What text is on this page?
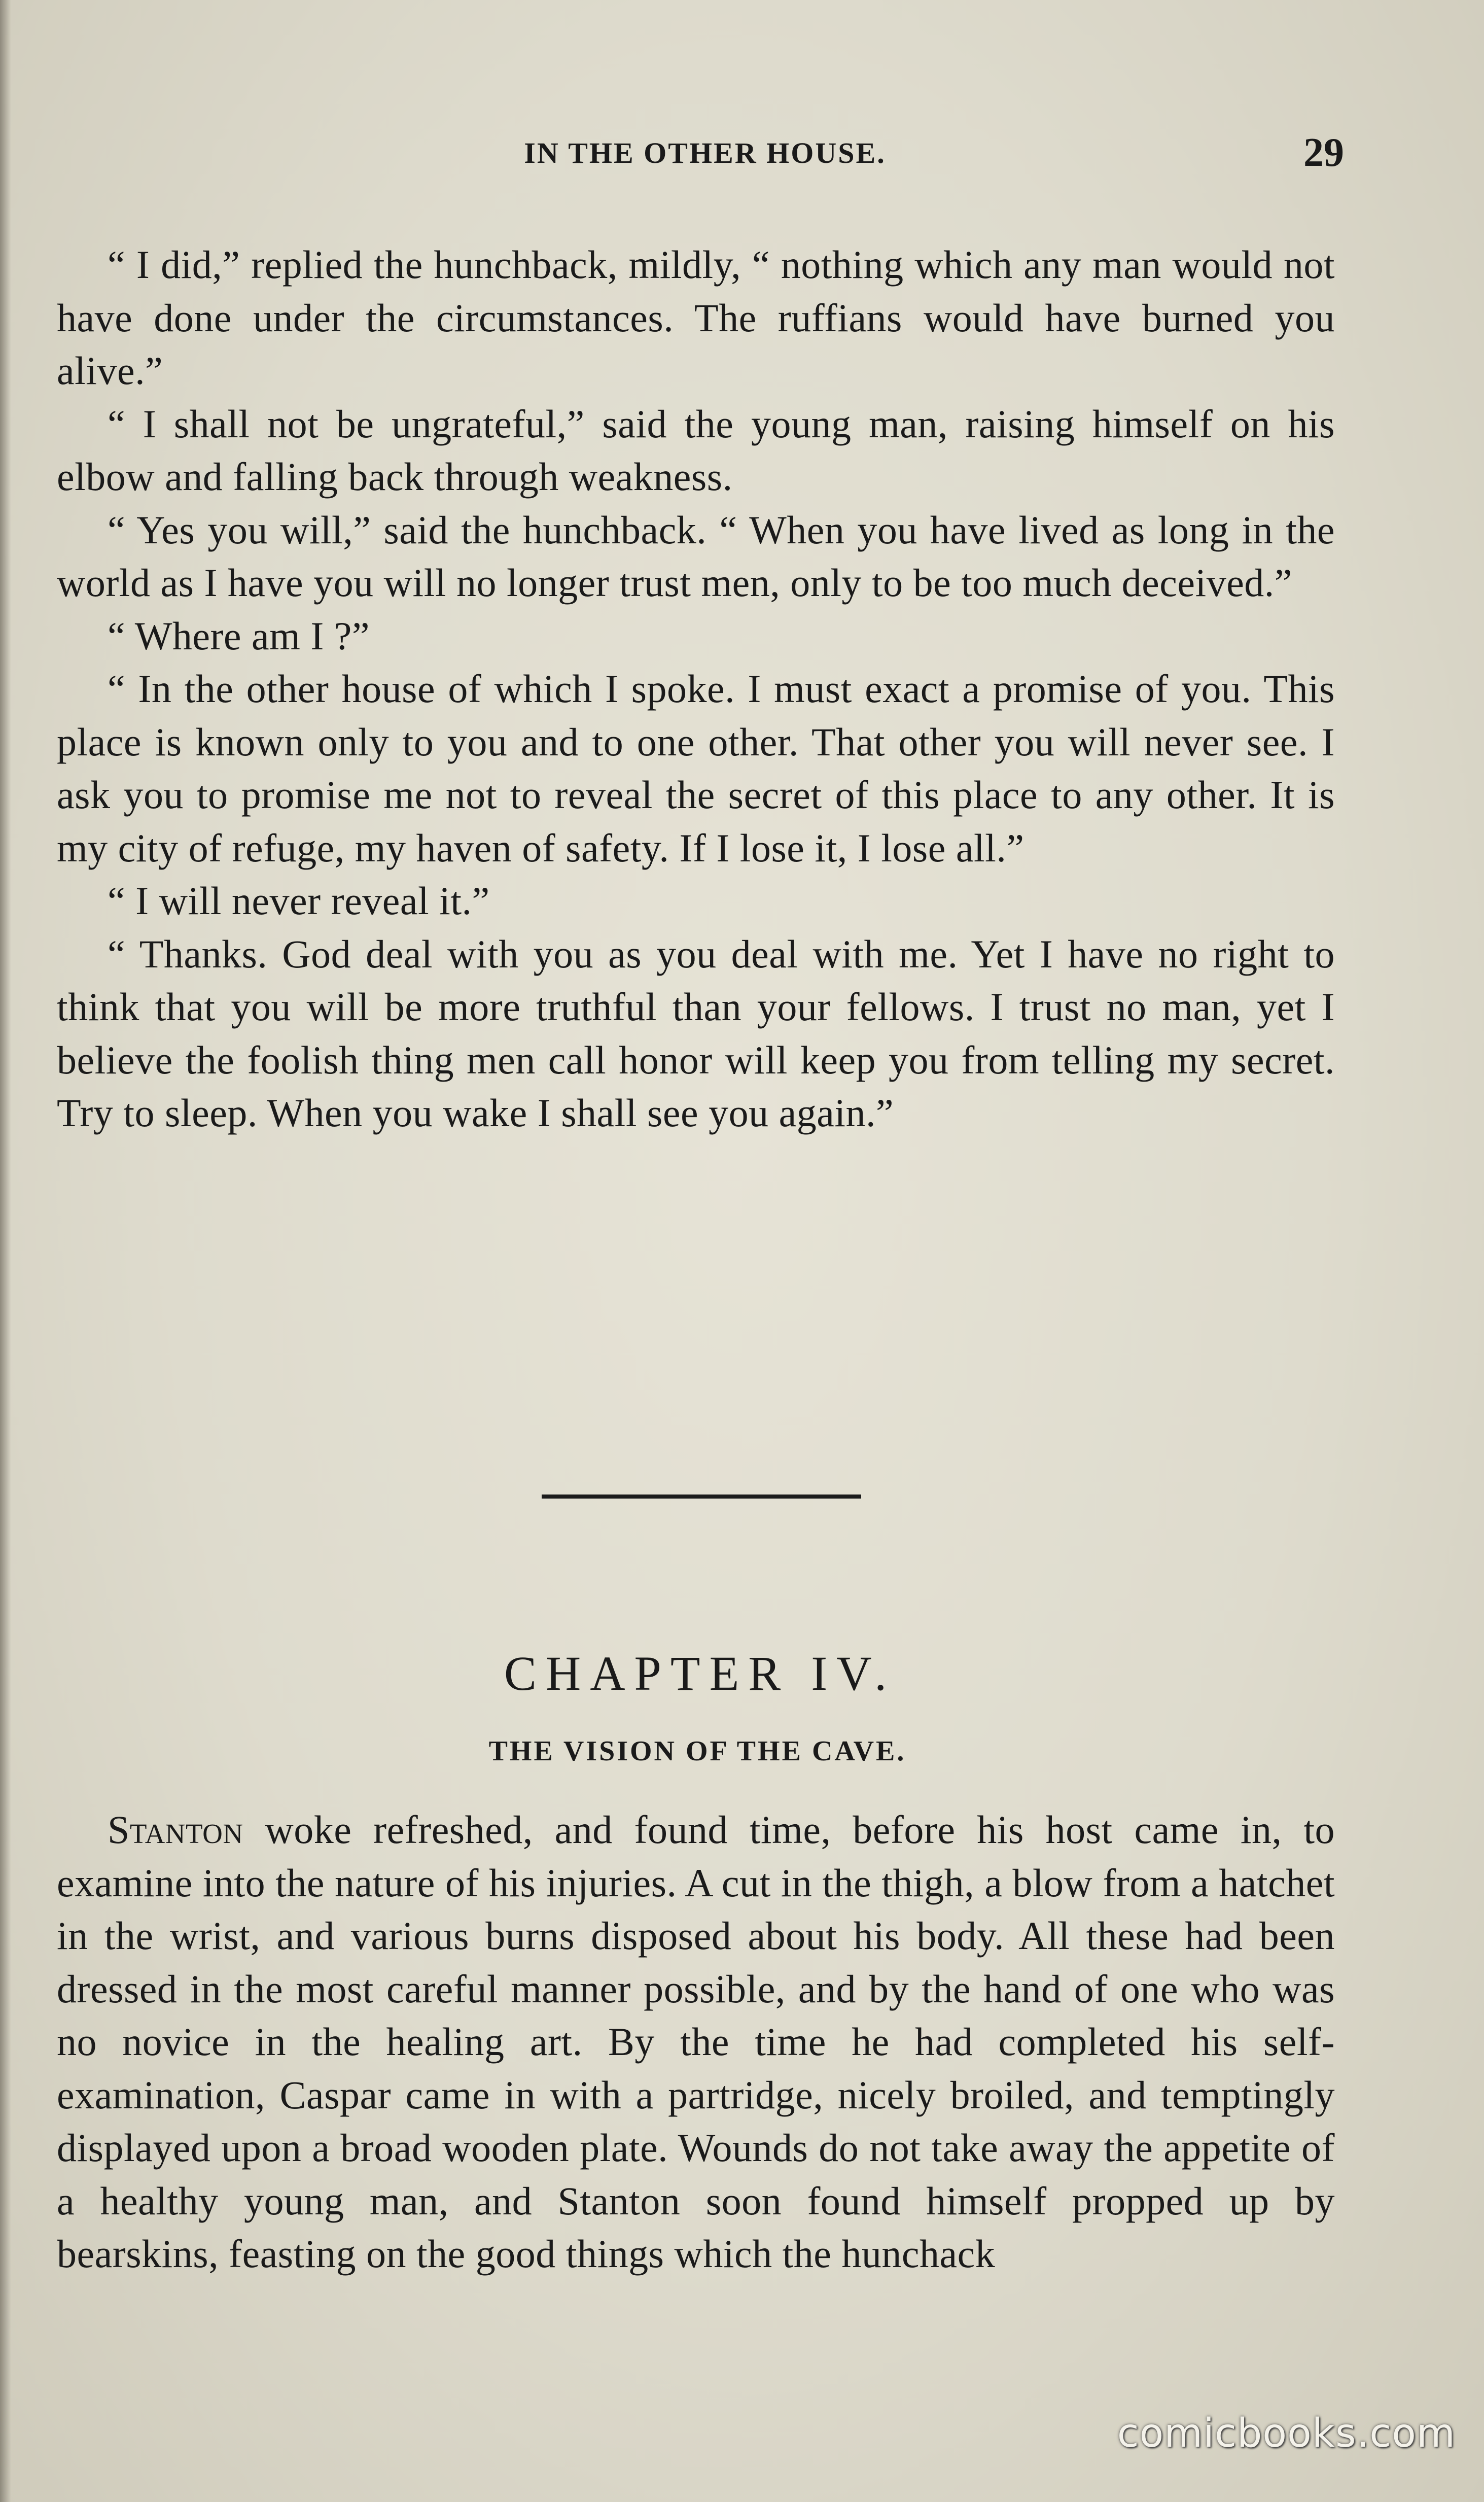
IN THE OTHER HOUSE.	29

“ I did,” replied the hunchback, mildly, “ nothing which any man would not have done under the circumstances. The ruffians would have burned you alive.”

“ I shall not be ungrateful,” said the young man, raising himself on his elbow and falling back through weakness.

“ Yes you will,” said the hunchback. “ When you have lived as long in the world as I have you will no longer trust men, only to be too much deceived.”

“ Where am I ?”

“ In the other house of which I spoke. I must exact a promise of you. This place is known only to you and to one other. That other you will never see. I ask you to promise me not to reveal the secret of this place to any other. It is my city of refuge, my haven of safety. If I lose it, I lose all.”

“ I will never reveal it.”

“ Thanks. God deal with you as you deal with me. Yet I have no right to think that you will be more truthful than your fellows. I trust no man, yet I believe the foolish thing men call honor will keep you from telling my secret. Try to sleep. When you wake I shall see you again.”

CHAPTER IV.
THE VISION OF THE CAVE.

Stanton woke refreshed, and found time, before his host came in, to examine into the nature of his injuries. A cut in the thigh, a blow from a hatchet in the wrist, and various burns disposed about his body. All these had been dressed in the most careful manner possible, and by the hand of one who was no novice in the healing art. By the time he had completed his self-examination, Caspar came in with a partridge, nicely broiled, and temptingly displayed upon a broad wooden plate. Wounds do not take away the appetite of a healthy young man, and Stanton soon found himself propped up by bearskins, feasting on the good things which the hunchack

comicbooks.com
